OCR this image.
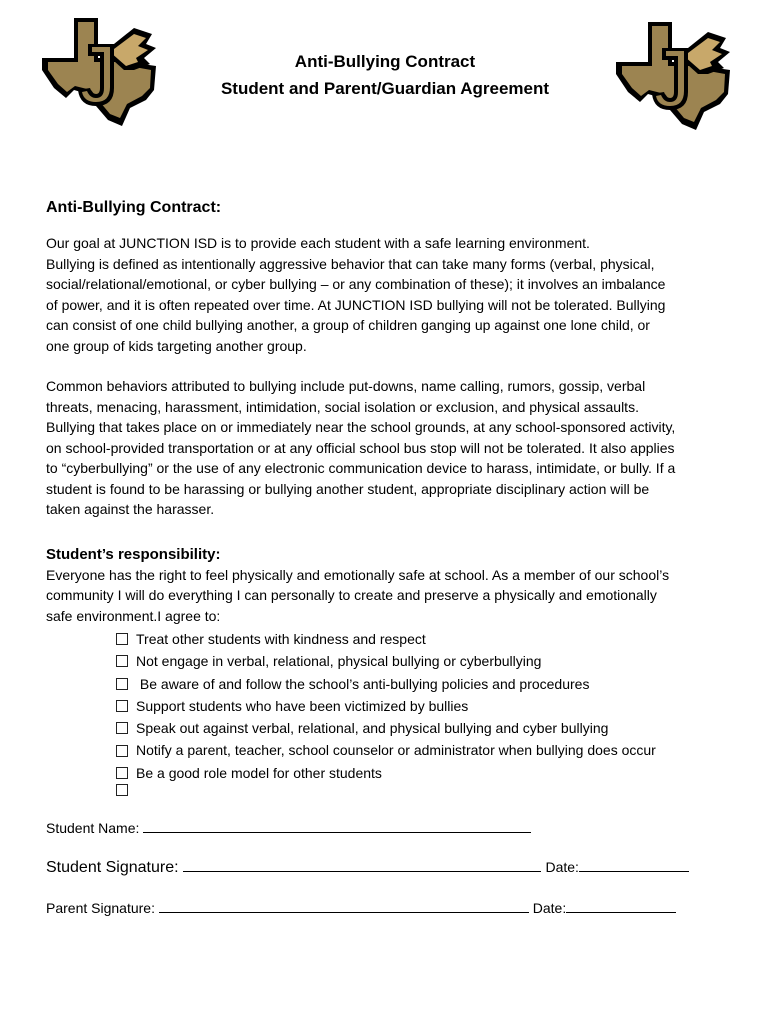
Anti-Bullying Contract
Student and Parent/Guardian Agreement
Anti-Bullying Contract:
Our goal at JUNCTION ISD is to provide each student with a safe learning environment.
Bullying is defined as intentionally aggressive behavior that can take many forms (verbal, physical,
social/relational/emotional, or cyber bullying – or any combination of these); it involves an imbalance
of power, and it is often repeated over time. At JUNCTION ISD bullying will not be tolerated. Bullying
can consist of one child bullying another, a group of children ganging up against one lone child, or
one group of kids targeting another group.
Common behaviors attributed to bullying include put-downs, name calling, rumors, gossip, verbal
threats, menacing, harassment, intimidation, social isolation or exclusion, and physical assaults.
Bullying that takes place on or immediately near the school grounds, at any school-sponsored activity,
on school-provided transportation or at any official school bus stop will not be tolerated. It also applies
to “cyberbullying” or the use of any electronic communication device to harass, intimidate, or bully. If a
student is found to be harassing or bullying another student, appropriate disciplinary action will be
taken against the harasser.
Student’s responsibility:
Everyone has the right to feel physically and emotionally safe at school. As a member of our school’s
community I will do everything I can personally to create and preserve a physically and emotionally
safe environment.I agree to:
Treat other students with kindness and respect
Not engage in verbal, relational, physical bullying or cyberbullying
Be aware of and follow the school’s anti-bullying policies and procedures
Support students who have been victimized by bullies
Speak out against verbal, relational, and physical bullying and cyber bullying
Notify a parent, teacher, school counselor or administrator when bullying does occur
Be a good role model for other students
Student Name:
Student Signature:	Date:
Parent Signature:	Date:
